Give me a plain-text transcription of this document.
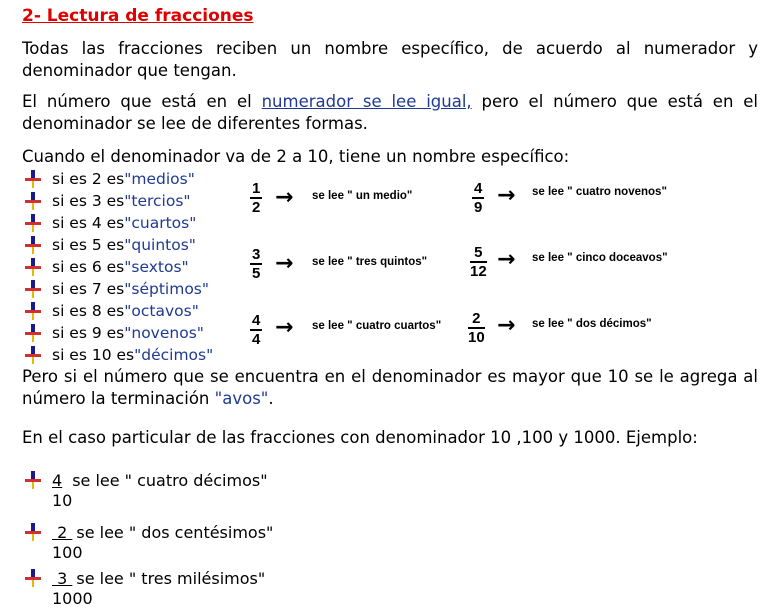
2- Lectura de fracciones
Todas las fracciones reciben un nombre específico, de acuerdo al numerador y denominador que tengan.
El número que está en el numerador se lee igual, pero el número que está en el denominador se lee de diferentes formas.
Cuando el denominador va de 2 a 10, tiene un nombre específico:
si es 2 es "medios"
si es 3 es "tercios"
si es 4 es "cuartos"
si es 5 es "quintos"
si es 6 es "sextos"
si es 7 es "séptimos"
si es 8 es "octavos"
si es 9 es "novenos"
si es 10 es "décimos"
$\frac{1}{2}$ → se lee " un medio"	$\frac{4}{9}$ → se lee " cuatro novenos"
$\frac{3}{5}$ → se lee " tres quintos"	$\frac{5}{12}$ → se lee " cinco doceavos"
$\frac{4}{4}$ → se lee " cuatro cuartos" $\frac{2}{10}$ → se lee " dos décimos"
Pero si el número que se encuentra en el denominador es mayor que 10 se le agrega al número la terminación "avos".
En el caso particular de las fracciones con denominador 10 ,100 y 1000. Ejemplo:
4 se lee " cuatro décimos"
10
2 se lee " dos centésimos"
100
3 se lee " tres milésimos"
1000
